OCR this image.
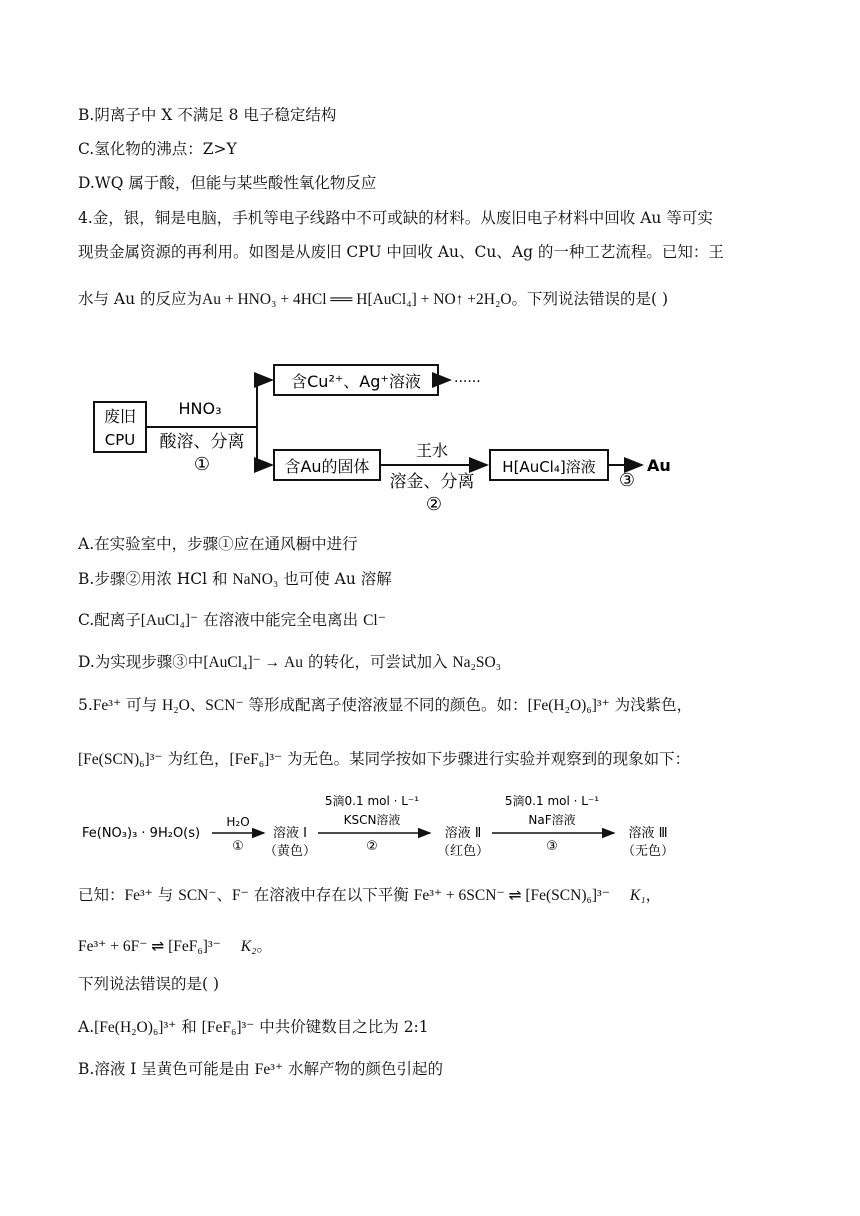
B.阴离子中 X 不满足 8 电子稳定结构
C.氢化物的沸点：Z>Y
D.WQ 属于酸，但能与某些酸性氧化物反应
4.金，银，铜是电脑，手机等电子线路中不可或缺的材料。从废旧电子材料中回收 Au 等可实
现贵金属资源的再利用。如图是从废旧 CPU 中回收 Au、Cu、Ag 的一种工艺流程。已知：王
水与 Au 的反应为Au + HNO₃ + 4HCl ══ H[AuCl₄] + NO↑ +2H₂O。下列说法错误的是( )
废旧
CPU
HNO₃
酸溶、分离
①
含Cu²⁺、Ag⁺溶液 ······
含Au的固体
王水
溶金、分离
②
H[AuCl₄]溶液
③
Au
A.在实验室中，步骤①应在通风橱中进行
B.步骤②用浓 HCl 和 NaNO₃ 也可使 Au 溶解
C.配离子[AuCl₄]⁻ 在溶液中能完全电离出 Cl⁻
D.为实现步骤③中[AuCl₄]⁻ → Au 的转化，可尝试加入 Na₂SO₃
5.Fe³⁺ 可与 H₂O、SCN⁻ 等形成配离子使溶液显不同的颜色。如：[Fe(H₂O)₆]³⁺ 为浅紫色，
[Fe(SCN)₆]³⁻ 为红色，[FeF₆]³⁻ 为无色。某同学按如下步骤进行实验并观察到的现象如下：
Fe(NO₃)₃ · 9H₂O(s)
H₂O
①
溶液 Ⅰ
（黄色）
5滴0.1 mol · L⁻¹
KSCN溶液
②
溶液 Ⅱ
（红色）
5滴0.1 mol · L⁻¹
NaF溶液
③
溶液 Ⅲ
（无色）
已知：Fe³⁺ 与 SCN⁻、F⁻ 在溶液中存在以下平衡 Fe³⁺ + 6SCN⁻ ⇌ [Fe(SCN)₆]³⁻ K₁，
Fe³⁺ + 6F⁻ ⇌ [FeF₆]³⁻ K₂。
下列说法错误的是( )
A.[Fe(H₂O)₆]³⁺ 和 [FeF₆]³⁻ 中共价键数目之比为 2:1
B.溶液 I 呈黄色可能是由 Fe³⁺ 水解产物的颜色引起的
